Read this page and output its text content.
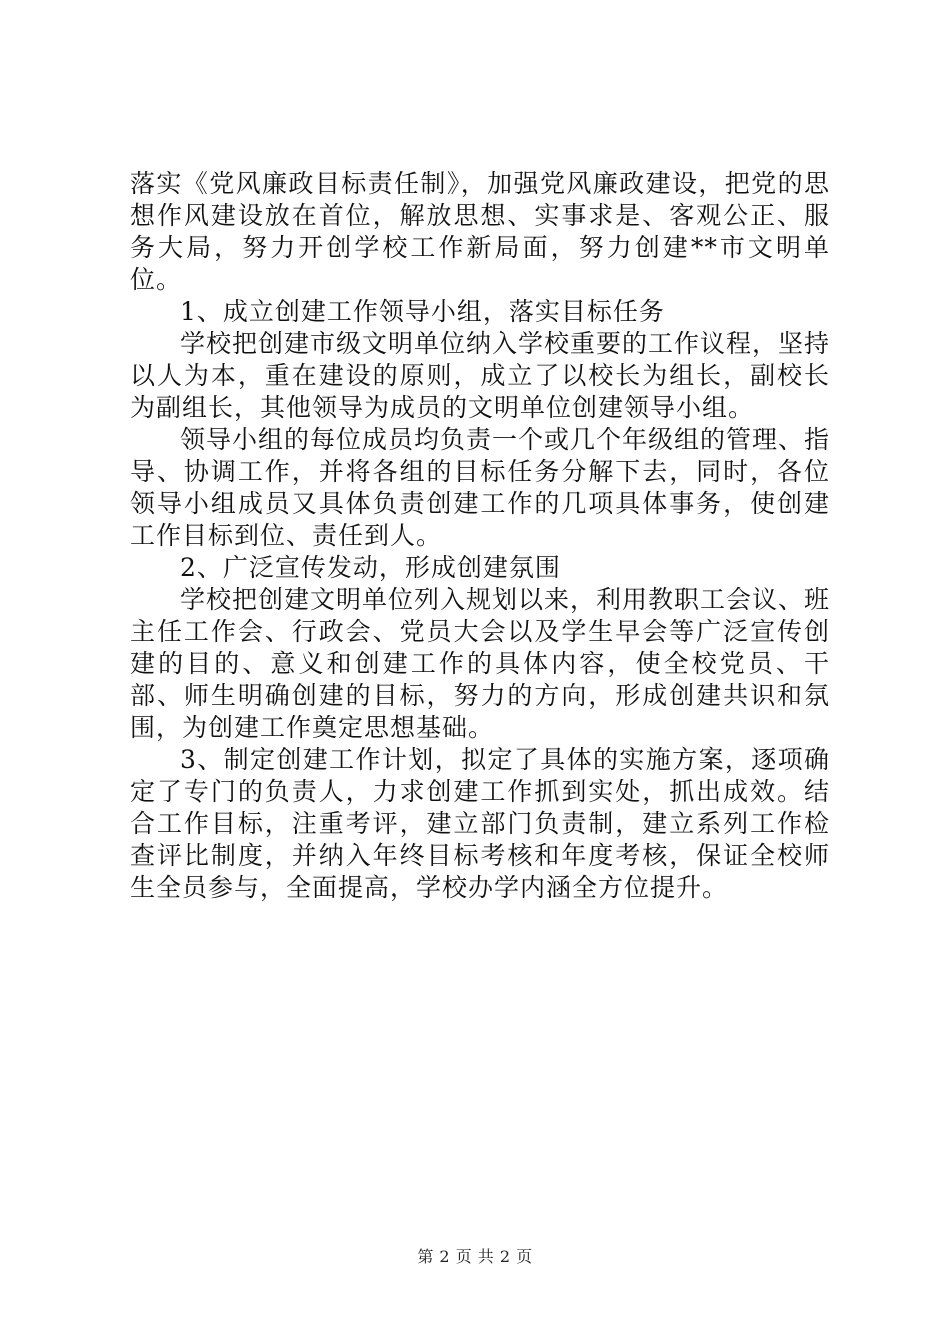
落实《党风廉政目标责任制》，加强党风廉政建设，把党的思想作风建设放在首位，解放思想、实事求是、客观公正、服务大局，努力开创学校工作新局面，努力创建**市文明单位。

1、成立创建工作领导小组，落实目标任务

学校把创建市级文明单位纳入学校重要的工作议程，坚持以人为本，重在建设的原则，成立了以校长为组长，副校长为副组长，其他领导为成员的文明单位创建领导小组。

领导小组的每位成员均负责一个或几个年级组的管理、指导、协调工作，并将各组的目标任务分解下去，同时，各位领导小组成员又具体负责创建工作的几项具体事务，使创建工作目标到位、责任到人。

2、广泛宣传发动，形成创建氛围

学校把创建文明单位列入规划以来，利用教职工会议、班主任工作会、行政会、党员大会以及学生早会等广泛宣传创建的目的、意义和创建工作的具体内容，使全校党员、干部、师生明确创建的目标，努力的方向，形成创建共识和氛围，为创建工作奠定思想基础。

3、制定创建工作计划，拟定了具体的实施方案，逐项确定了专门的负责人，力求创建工作抓到实处，抓出成效。结合工作目标，注重考评，建立部门负责制，建立系列工作检查评比制度，并纳入年终目标考核和年度考核，保证全校师生全员参与，全面提高，学校办学内涵全方位提升。

第 2 页 共 2 页
